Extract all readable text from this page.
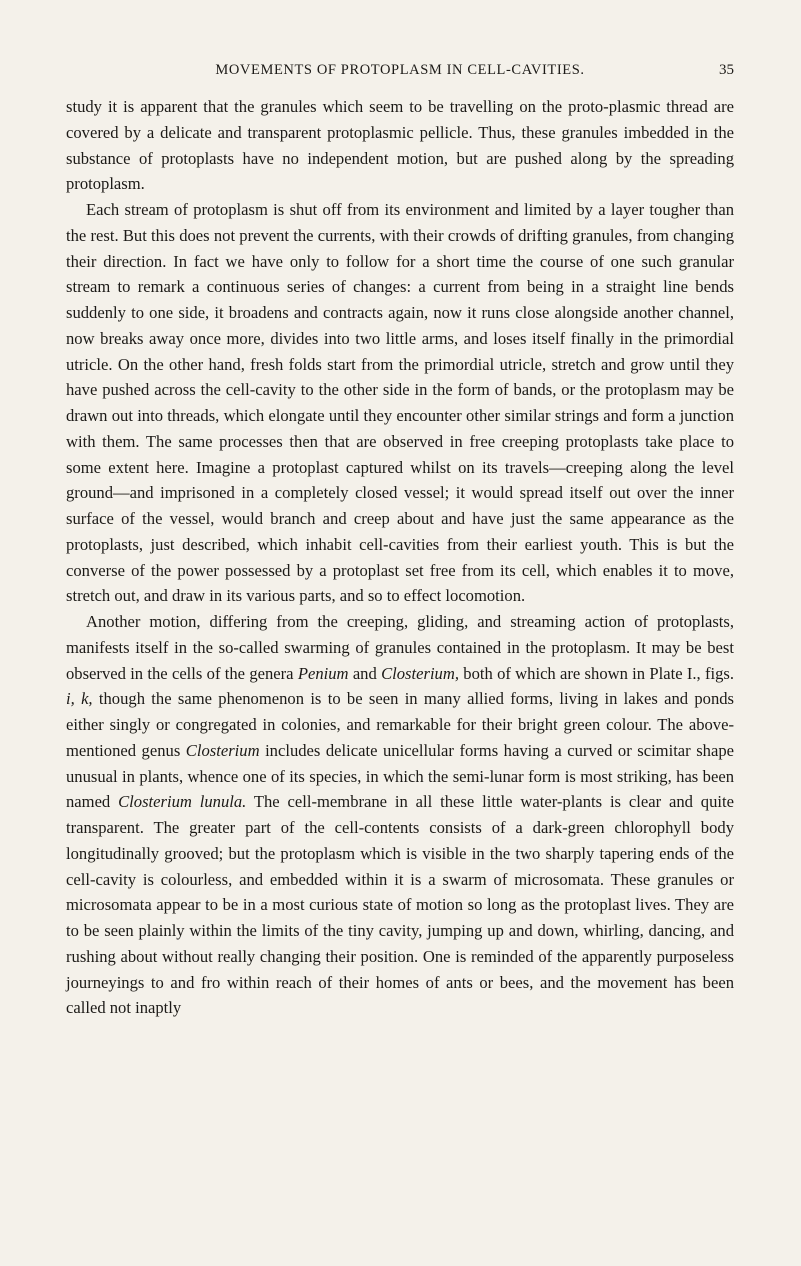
MOVEMENTS OF PROTOPLASM IN CELL-CAVITIES.	35

study it is apparent that the granules which seem to be travelling on the proto-plasmic thread are covered by a delicate and transparent protoplasmic pellicle. Thus, these granules imbedded in the substance of protoplasts have no independent motion, but are pushed along by the spreading protoplasm.

Each stream of protoplasm is shut off from its environment and limited by a layer tougher than the rest. But this does not prevent the currents, with their crowds of drifting granules, from changing their direction. In fact we have only to follow for a short time the course of one such granular stream to remark a continuous series of changes: a current from being in a straight line bends suddenly to one side, it broadens and contracts again, now it runs close alongside another channel, now breaks away once more, divides into two little arms, and loses itself finally in the primordial utricle. On the other hand, fresh folds start from the primordial utricle, stretch and grow until they have pushed across the cell-cavity to the other side in the form of bands, or the protoplasm may be drawn out into threads, which elongate until they encounter other similar strings and form a junction with them. The same processes then that are observed in free creeping protoplasts take place to some extent here. Imagine a protoplast captured whilst on its travels—creeping along the level ground—and imprisoned in a completely closed vessel; it would spread itself out over the inner surface of the vessel, would branch and creep about and have just the same appearance as the protoplasts, just described, which inhabit cell-cavities from their earliest youth. This is but the converse of the power possessed by a protoplast set free from its cell, which enables it to move, stretch out, and draw in its various parts, and so to effect locomotion.

Another motion, differing from the creeping, gliding, and streaming action of protoplasts, manifests itself in the so-called swarming of granules contained in the protoplasm. It may be best observed in the cells of the genera Penium and Closterium, both of which are shown in Plate I., figs. i, k, though the same phenomenon is to be seen in many allied forms, living in lakes and ponds either singly or congregated in colonies, and remarkable for their bright green colour. The above-mentioned genus Closterium includes delicate unicellular forms having a curved or scimitar shape unusual in plants, whence one of its species, in which the semi-lunar form is most striking, has been named Closterium lunula. The cell-membrane in all these little water-plants is clear and quite transparent. The greater part of the cell-contents consists of a dark-green chlorophyll body longitudinally grooved; but the protoplasm which is visible in the two sharply tapering ends of the cell-cavity is colourless, and embedded within it is a swarm of microsomata. These granules or microsomata appear to be in a most curious state of motion so long as the protoplast lives. They are to be seen plainly within the limits of the tiny cavity, jumping up and down, whirling, dancing, and rushing about without really changing their position. One is reminded of the apparently purposeless journeyings to and fro within reach of their homes of ants or bees, and the movement has been called not inaptly
